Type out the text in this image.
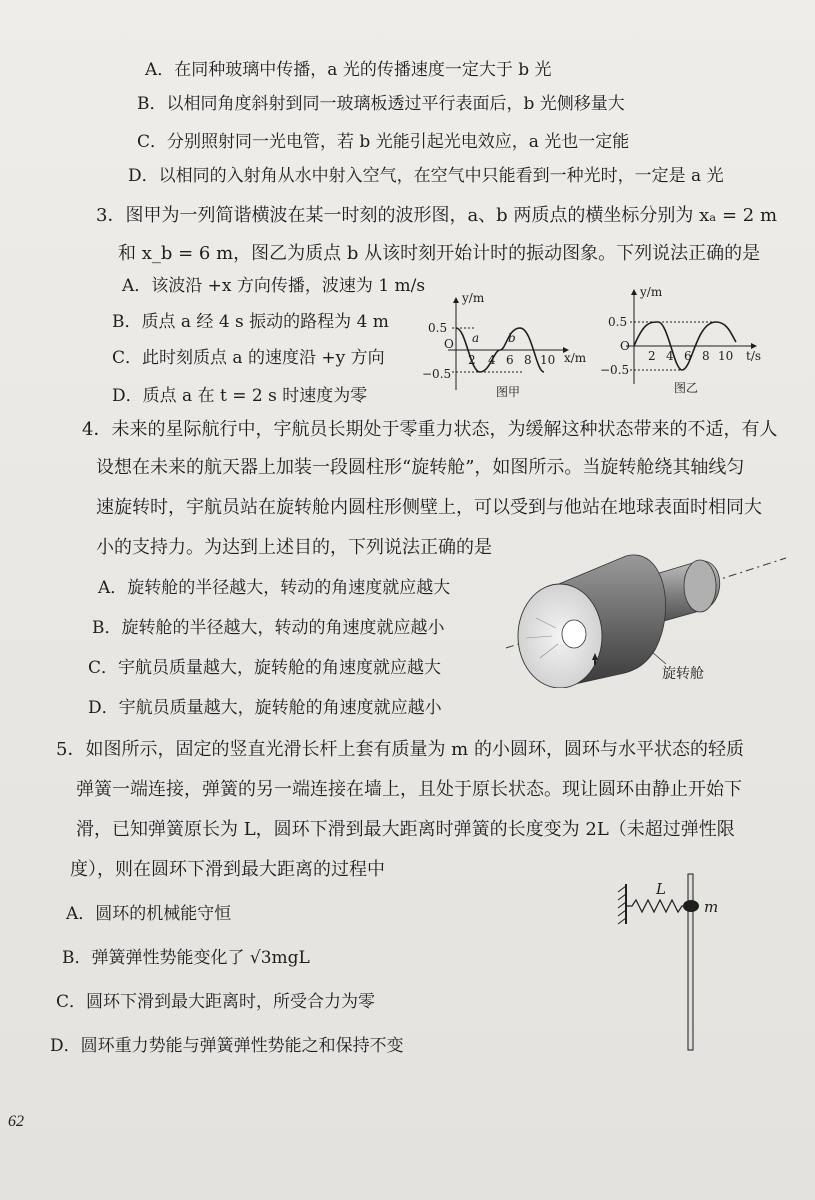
A．在同种玻璃中传播，a 光的传播速度一定大于 b 光
B．以相同角度斜射到同一玻璃板透过平行表面后，b 光侧移量大
C．分别照射同一光电管，若 b 光能引起光电效应，a 光也一定能
D．以相同的入射角从水中射入空气，在空气中只能看到一种光时，一定是 a 光
3．图甲为一列简谐横波在某一时刻的波形图，a、b 两质点的横坐标分别为 xₐ = 2 m
和 x_b = 6 m，图乙为质点 b 从该时刻开始计时的振动图象。下列说法正确的是
A．该波沿 +x 方向传播，波速为 1 m/s
B．质点 a 经 4 s 振动的路程为 4 m
C．此时刻质点 a 的速度沿 +y 方向
D．质点 a 在 t = 2 s 时速度为零
y/m
x/m
O
0.5
−0.5
2 4 6 8 10
a b
图甲
y/m
t/s
O
0.5
−0.5
2 4 6 8 10
图乙
4．未来的星际航行中，宇航员长期处于零重力状态，为缓解这种状态带来的不适，有人
设想在未来的航天器上加装一段圆柱形“旋转舱”，如图所示。当旋转舱绕其轴线匀
速旋转时，宇航员站在旋转舱内圆柱形侧壁上，可以受到与他站在地球表面时相同大
小的支持力。为达到上述目的，下列说法正确的是
A．旋转舱的半径越大，转动的角速度就应越大
B．旋转舱的半径越大，转动的角速度就应越小
C．宇航员质量越大，旋转舱的角速度就应越大
D．宇航员质量越大，旋转舱的角速度就应越小
旋转舱
5．如图所示，固定的竖直光滑长杆上套有质量为 m 的小圆环，圆环与水平状态的轻质
弹簧一端连接，弹簧的另一端连接在墙上，且处于原长状态。现让圆环由静止开始下
滑，已知弹簧原长为 L，圆环下滑到最大距离时弹簧的长度变为 2L（未超过弹性限
度），则在圆环下滑到最大距离的过程中
A．圆环的机械能守恒
B．弹簧弹性势能变化了 √3mgL
C．圆环下滑到最大距离时，所受合力为零
D．圆环重力势能与弹簧弹性势能之和保持不变
L
m
62
